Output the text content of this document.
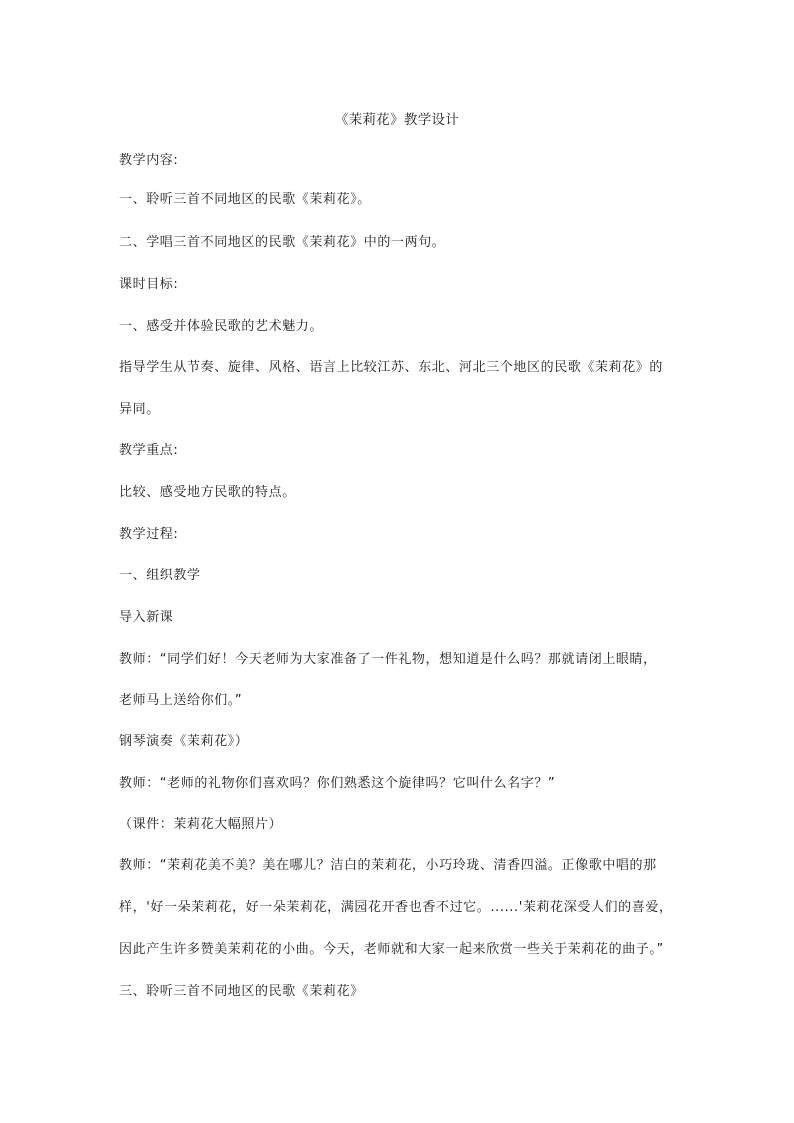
《茉莉花》教学设计
教学内容:
一、聆听三首不同地区的民歌《茉莉花》。
二、学唱三首不同地区的民歌《茉莉花》中的一两句。
课时目标:
一、感受并体验民歌的艺术魅力。
指导学生从节奏、旋律、风格、语言上比较江苏、东北、河北三个地区的民歌《茉莉花》的
异同。
教学重点:
比较、感受地方民歌的特点。
教学过程:
一、组织教学
导入新课
教师：“同学们好！今天老师为大家准备了一件礼物，想知道是什么吗？那就请闭上眼睛，
老师马上送给你们。”
钢琴演奏《茉莉花》）
教师：“老师的礼物你们喜欢吗？你们熟悉这个旋律吗？它叫什么名字？”
（课件：茉莉花大幅照片）
教师：“茉莉花美不美？美在哪儿？洁白的茉莉花，小巧玲珑、清香四溢。正像歌中唱的那
样，'好一朵茉莉花，好一朵茉莉花，满园花开香也香不过它。......'茉莉花深受人们的喜爱，
因此产生许多赞美茉莉花的小曲。今天，老师就和大家一起来欣赏一些关于茉莉花的曲子。”
三、聆听三首不同地区的民歌《茉莉花》
